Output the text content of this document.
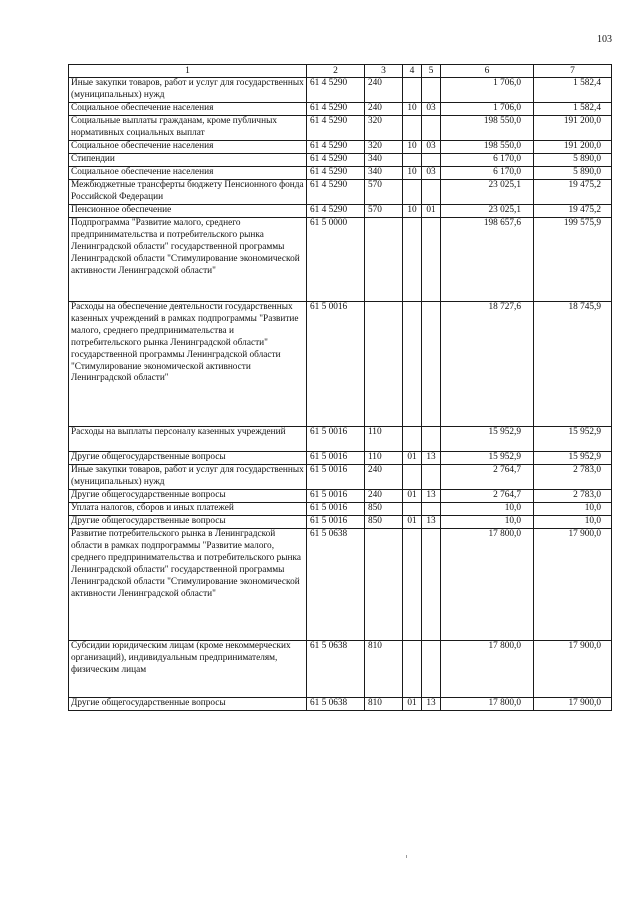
103
1	2	3	4	5	6	7
Иные закупки товаров, работ и услуг для государственных (муниципальных) нужд	61 4 5290	240			1 706,0	1 582,4
Социальное обеспечение населения	61 4 5290	240	10	03	1 706,0	1 582,4
Социальные выплаты гражданам, кроме публичных нормативных социальных выплат	61 4 5290	320			198 550,0	191 200,0
Социальное обеспечение населения	61 4 5290	320	10	03	198 550,0	191 200,0
Стипендии	61 4 5290	340			6 170,0	5 890,0
Социальное обеспечение населения	61 4 5290	340	10	03	6 170,0	5 890,0
Межбюджетные трансферты бюджету Пенсионного фонда Российской Федерации	61 4 5290	570			23 025,1	19 475,2
Пенсионное обеспечение	61 4 5290	570	10	01	23 025,1	19 475,2
Подпрограмма "Развитие малого, среднего предпринимательства и потребительского рынка Ленинградской области" государственной программы Ленинградской области "Стимулирование экономической активности Ленинградской области"	61 5 0000				198 657,6	199 575,9
Расходы на обеспечение деятельности государственных казенных учреждений в рамках подпрограммы "Развитие малого, среднего предпринимательства и потребительского рынка Ленинградской области" государственной программы Ленинградской области "Стимулирование экономической активности Ленинградской области"	61 5 0016				18 727,6	18 745,9
Расходы на выплаты персоналу казенных учреждений	61 5 0016	110			15 952,9	15 952,9
Другие общегосударственные вопросы	61 5 0016	110	01	13	15 952,9	15 952,9
Иные закупки товаров, работ и услуг для государственных (муниципальных) нужд	61 5 0016	240			2 764,7	2 783,0
Другие общегосударственные вопросы	61 5 0016	240	01	13	2 764,7	2 783,0
Уплата налогов, сборов и иных платежей	61 5 0016	850			10,0	10,0
Другие общегосударственные вопросы	61 5 0016	850	01	13	10,0	10,0
Развитие потребительского рынка в Ленинградской области в рамках подпрограммы "Развитие малого, среднего предпринимательства и потребительского рынка Ленинградской области" государственной программы Ленинградской области "Стимулирование экономической активности Ленинградской области"	61 5 0638				17 800,0	17 900,0
Субсидии юридическим лицам (кроме некоммерческих организаций), индивидуальным предпринимателям, физическим лицам	61 5 0638	810			17 800,0	17 900,0
Другие общегосударственные вопросы	61 5 0638	810	01	13	17 800,0	17 900,0
